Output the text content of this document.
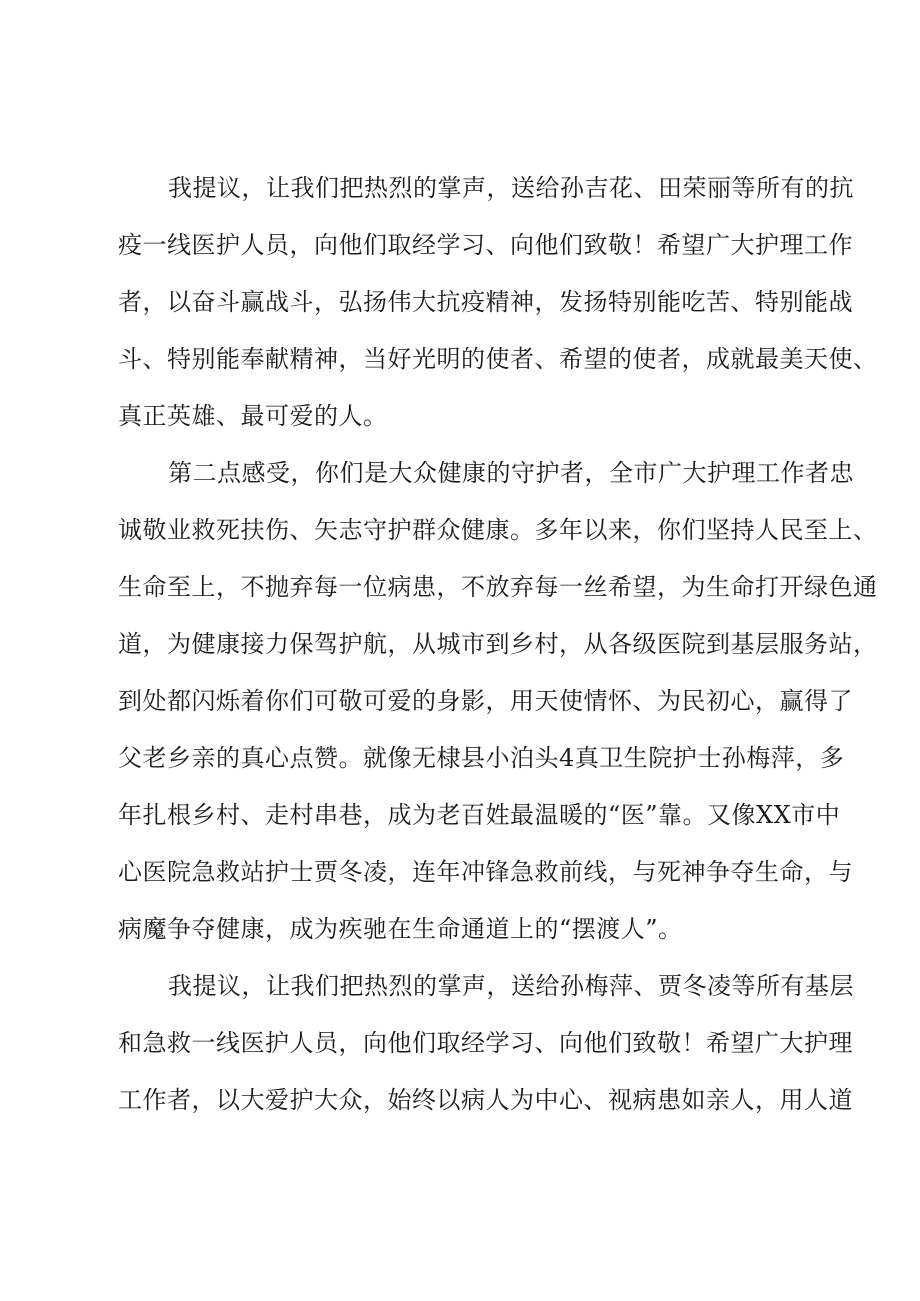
我提议，让我们把热烈的掌声，送给孙吉花、田荣丽等所有的抗
疫一线医护人员，向他们取经学习、向他们致敬！希望广大护理工作
者，以奋斗赢战斗，弘扬伟大抗疫精神，发扬特别能吃苦、特别能战
斗、特别能奉献精神，当好光明的使者、希望的使者，成就最美天使、
真正英雄、最可爱的人。
第二点感受，你们是大众健康的守护者，全市广大护理工作者忠
诚敬业救死扶伤、矢志守护群众健康。多年以来，你们坚持人民至上、
生命至上，不抛弃每一位病患，不放弃每一丝希望，为生命打开绿色通
道，为健康接力保驾护航，从城市到乡村，从各级医院到基层服务站，
到处都闪烁着你们可敬可爱的身影，用天使情怀、为民初心，赢得了
父老乡亲的真心点赞。就像无棣县小泊头4真卫生院护士孙梅萍，多
年扎根乡村、走村串巷，成为老百姓最温暖的“医”靠。又像XX市中
心医院急救站护士贾冬凌，连年冲锋急救前线，与死神争夺生命，与
病魔争夺健康，成为疾驰在生命通道上的“摆渡人”。
我提议，让我们把热烈的掌声，送给孙梅萍、贾冬凌等所有基层
和急救一线医护人员，向他们取经学习、向他们致敬！希望广大护理
工作者，以大爱护大众，始终以病人为中心、视病患如亲人，用人道
